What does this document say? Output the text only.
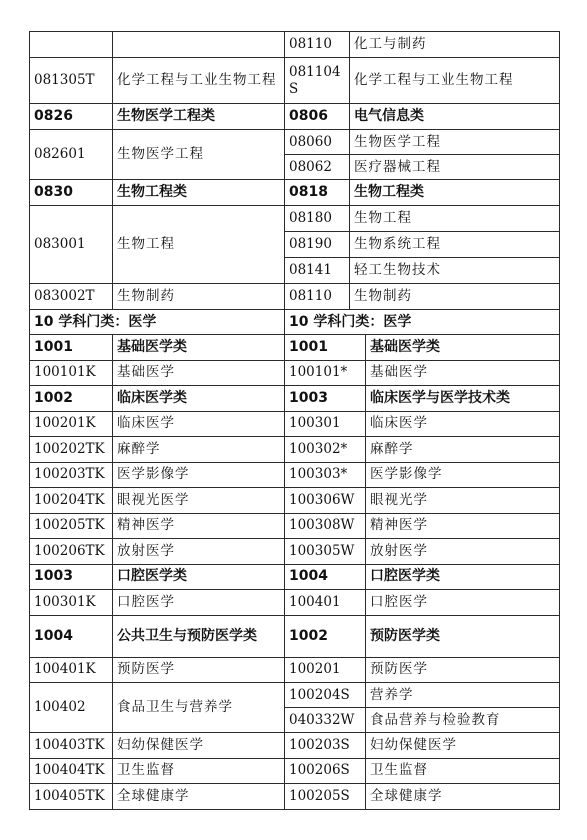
		08110	化工与制药	
081305T	化学工程与工业生物工程	081104S	化学工程与工业生物工程	
0826	生物医学工程类	0806	电气信息类	
082601	生物医学工程	08060	生物医学工程	
		08062	医疗器械工程	
0830	生物工程类	0818	生物工程类	
083001	生物工程	08180	生物工程	
		08190	生物系统工程	
		08141	轻工生物技术	
083002T	生物制药	08110	生物制药	
10 学科门类：医学		10 学科门类：医学		
1001	基础医学类	1001		基础医学类
100101K	基础医学	100101*		基础医学
1002	临床医学类	1003		临床医学与医学技术类
100201K	临床医学	100301		临床医学
100202TK	麻醉学	100302*		麻醉学
100203TK	医学影像学	100303*		医学影像学
100204TK	眼视光医学	100306W		眼视光学
100205TK	精神医学	100308W		精神医学
100206TK	放射医学	100305W		放射医学
1003	口腔医学类	1004		口腔医学类
100301K	口腔医学	100401		口腔医学
1004	公共卫生与预防医学类	1002		预防医学类
100401K	预防医学	100201		预防医学
100402	食品卫生与营养学	100204S		营养学
		040332W		食品营养与检验教育
100403TK	妇幼保健医学	100203S		妇幼保健医学
100404TK	卫生监督	100206S		卫生监督
100405TK	全球健康学	100205S		全球健康学
